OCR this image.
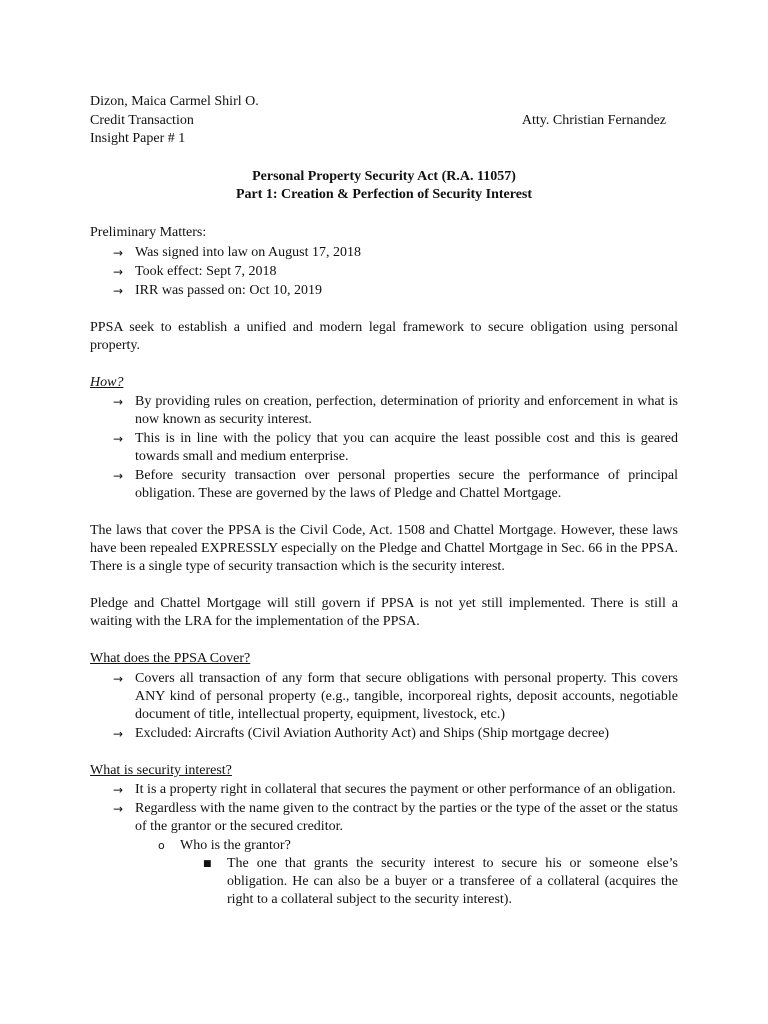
Dizon, Maica Carmel Shirl O.
Credit Transaction	Atty. Christian Fernandez
Insight Paper # 1
Personal Property Security Act (R.A. 11057)
Part 1: Creation & Perfection of Security Interest
Preliminary Matters:
→ Was signed into law on August 17, 2018
→ Took effect: Sept 7, 2018
→ IRR was passed on: Oct 10, 2019
PPSA seek to establish a unified and modern legal framework to secure obligation using personal property.
How?
→ By providing rules on creation, perfection, determination of priority and enforcement in what is now known as security interest.
→ This is in line with the policy that you can acquire the least possible cost and this is geared towards small and medium enterprise.
→ Before security transaction over personal properties secure the performance of principal obligation. These are governed by the laws of Pledge and Chattel Mortgage.
The laws that cover the PPSA is the Civil Code, Act. 1508 and Chattel Mortgage. However, these laws have been repealed EXPRESSLY especially on the Pledge and Chattel Mortgage in Sec. 66 in the PPSA. There is a single type of security transaction which is the security interest.
Pledge and Chattel Mortgage will still govern if PPSA is not yet still implemented. There is still a waiting with the LRA for the implementation of the PPSA.
What does the PPSA Cover?
→ Covers all transaction of any form that secure obligations with personal property. This covers ANY kind of personal property (e.g., tangible, incorporeal rights, deposit accounts, negotiable document of title, intellectual property, equipment, livestock, etc.)
→ Excluded: Aircrafts (Civil Aviation Authority Act) and Ships (Ship mortgage decree)
What is security interest?
→ It is a property right in collateral that secures the payment or other performance of an obligation.
→ Regardless with the name given to the contract by the parties or the type of the asset or the status of the grantor or the secured creditor.
o Who is the grantor?
■ The one that grants the security interest to secure his or someone else’s obligation. He can also be a buyer or a transferee of a collateral (acquires the right to a collateral subject to the security interest).
